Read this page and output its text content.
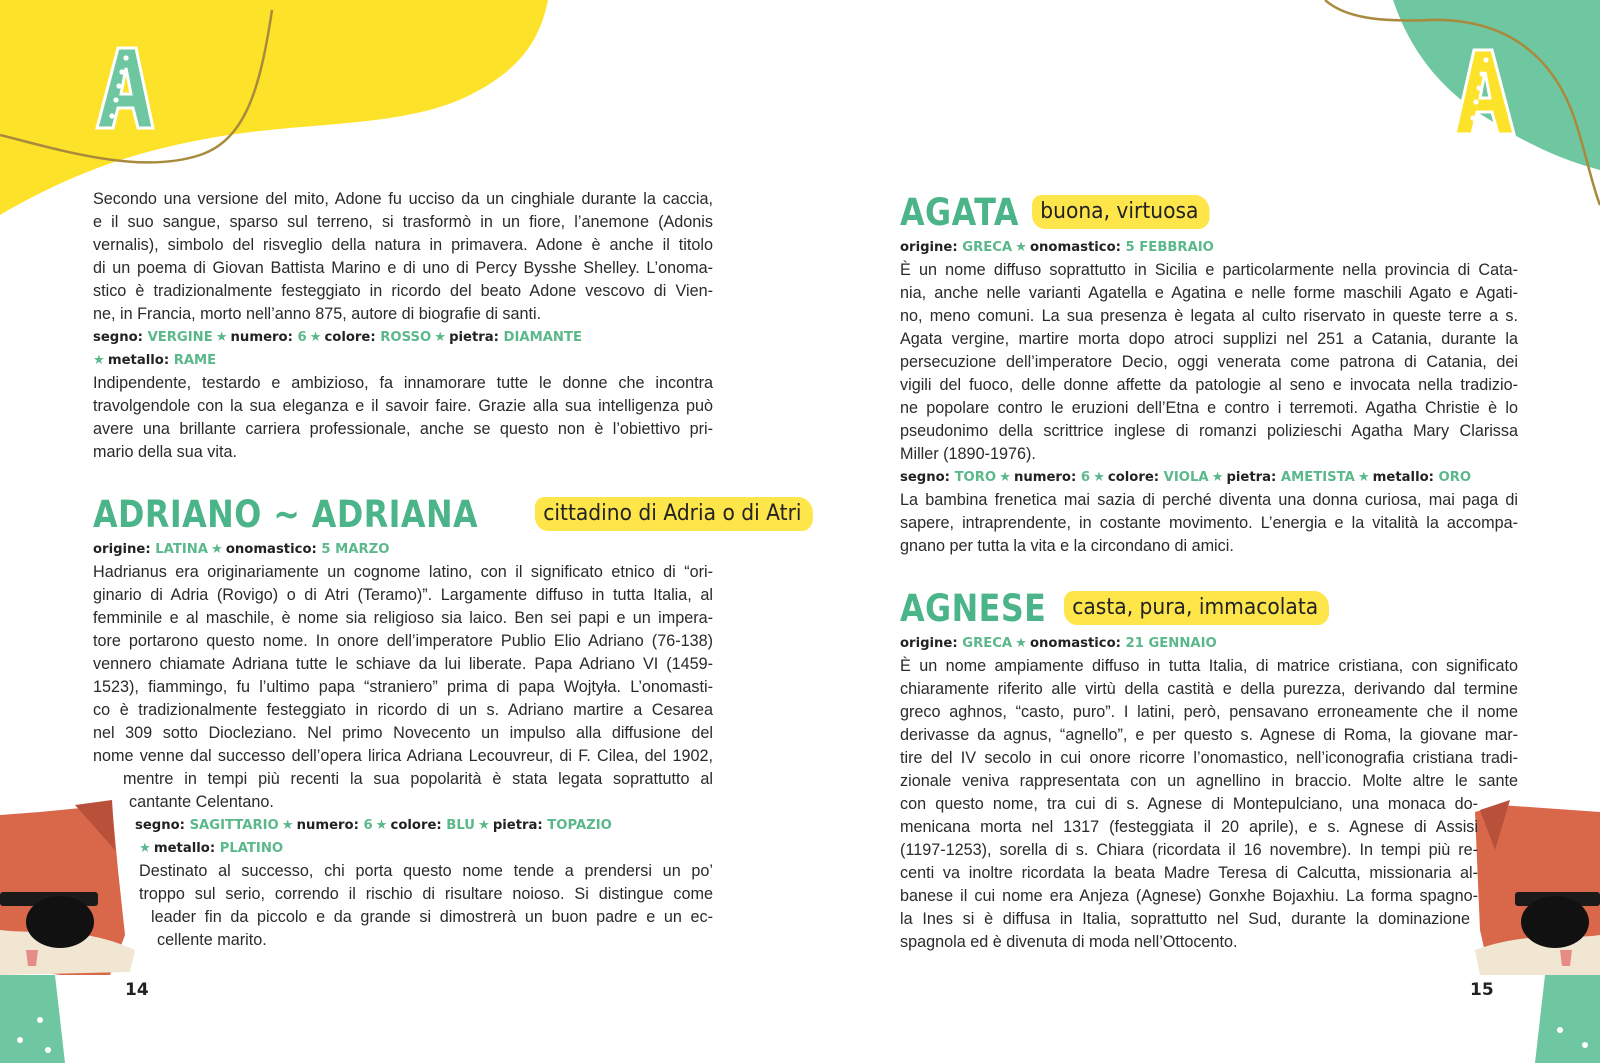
Secondo una versione del mito, Adone fu ucciso da un cinghiale durante la caccia,
e il suo sangue, sparso sul terreno, si trasformò in un fiore, l’anemone (Adonis
vernalis), simbolo del risveglio della natura in primavera. Adone è anche il titolo
di un poema di Giovan Battista Marino e di uno di Percy Bysshe Shelley. L’onoma-
stico è tradizionalmente festeggiato in ricordo del beato Adone vescovo di Vien-
ne, in Francia, morto nell’anno 875, autore di biografie di santi.

segno: VERGINE ★ numero: 6 ★ colore: ROSSO ★ pietra: DIAMANTE
★ metallo: RAME

Indipendente, testardo e ambizioso, fa innamorare tutte le donne che incontra
travolgendole con la sua eleganza e il savoir faire. Grazie alla sua intelligenza può
avere una brillante carriera professionale, anche se questo non è l’obiettivo pri-
mario della sua vita.

ADRIANO ~ ADRIANA	cittadino di Adria o di Atri

origine: LATINA ★ onomastico: 5 MARZO

Hadrianus era originariamente un cognome latino, con il significato etnico di “ori-
ginario di Adria (Rovigo) o di Atri (Teramo)”. Largamente diffuso in tutta Italia, al
femminile e al maschile, è nome sia religioso sia laico. Ben sei papi e un impera-
tore portarono questo nome. In onore dell’imperatore Publio Elio Adriano (76-138)
vennero chiamate Adriana tutte le schiave da lui liberate. Papa Adriano VI (1459-
1523), fiammingo, fu l’ultimo papa “straniero” prima di papa Wojtyła. L’onomasti-
co è tradizionalmente festeggiato in ricordo di un s. Adriano martire a Cesarea
nel 309 sotto Diocleziano. Nel primo Novecento un impulso alla diffusione del
nome venne dal successo dell’opera lirica Adriana Lecouvreur, di F. Cilea, del 1902,

mentre in tempi più recenti la sua popolarità è stata legata soprattutto al

cantante Celentano.

segno: SAGITTARIO ★ numero: 6 ★ colore: BLU ★ pietra: TOPAZIO

★ metallo: PLATINO

Destinato al successo, chi porta questo nome tende a prendersi un po’
troppo sul serio, correndo il rischio di risultare noioso. Si distingue come

leader fin da piccolo e da grande si dimostrerà un buon padre e un ec-

cellente marito.

14
AGATA buona, virtuosa

origine: GRECA ★ onomastico: 5 FEBBRAIO

È un nome diffuso soprattutto in Sicilia e particolarmente nella provincia di Cata-
nia, anche nelle varianti Agatella e Agatina e nelle forme maschili Agato e Agati-
no, meno comuni. La sua presenza è legata al culto riservato in queste terre a s.
Agata vergine, martire morta dopo atroci supplizi nel 251 a Catania, durante la
persecuzione dell’imperatore Decio, oggi venerata come patrona di Catania, dei
vigili del fuoco, delle donne affette da patologie al seno e invocata nella tradizio-
ne popolare contro le eruzioni dell’Etna e contro i terremoti. Agatha Christie è lo
pseudonimo della scrittrice inglese di romanzi polizieschi Agatha Mary Clarissa
Miller (1890-1976).

segno: TORO ★ numero: 6 ★ colore: VIOLA ★ pietra: AMETISTA ★ metallo: ORO

La bambina frenetica mai sazia di perché diventa una donna curiosa, mai paga di
sapere, intraprendente, in costante movimento. L’energia e la vitalità la accompa-
gnano per tutta la vita e la circondano di amici.

AGNESE	casta, pura, immacolata

origine: GRECA ★ onomastico: 21 GENNAIO

È un nome ampiamente diffuso in tutta Italia, di matrice cristiana, con significato
chiaramente riferito alle virtù della castità e della purezza, derivando dal termine
greco aghnos, “casto, puro”. I latini, però, pensavano erroneamente che il nome
derivasse da agnus, “agnello”, e per questo s. Agnese di Roma, la giovane mar-
tire del IV secolo in cui onore ricorre l’onomastico, nell’iconografia cristiana tradi-
zionale veniva rappresentata con un agnellino in braccio. Molte altre le sante

con questo nome, tra cui di s. Agnese di Montepulciano, una monaca do-
menicana morta nel 1317 (festeggiata il 20 aprile), e s. Agnese di Assisi
(1197-1253), sorella di s. Chiara (ricordata il 16 novembre). In tempi più re-
centi va inoltre ricordata la beata Madre Teresa di Calcutta, missionaria al-
banese il cui nome era Anjeza (Agnese) Gonxhe Bojaxhiu. La forma spagno-

la Ines si è diffusa in Italia, soprattutto nel Sud, durante la dominazione
spagnola ed è divenuta di moda nell’Ottocento.

15
